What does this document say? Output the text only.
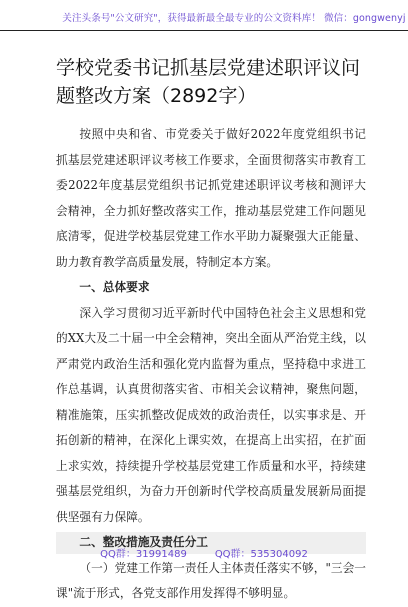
关注头条号"公文研究"，获得最新最全最专业的公文资料库！ 微信：gongwenyj
学校党委书记抓基层党建述职评议问题整改方案（2892字）

按照中央和省、市党委关于做好2022年度党组织书记抓基层党建述职评议考核工作要求，全面贯彻落实市教育工委2022年度基层党组织书记抓党建述职评议考核和测评大会精神，全力抓好整改落实工作，推动基层党建工作问题见底清零，促进学校基层党建工作水平助力凝聚强大正能量、助力教育教学高质量发展，特制定本方案。

一、总体要求

深入学习贯彻习近平新时代中国特色社会主义思想和党的XX大及二十届一中全会精神，突出全面从严治党主线，以严肃党内政治生活和强化党内监督为重点，坚持稳中求进工作总基调，认真贯彻落实省、市相关会议精神，聚焦问题，精准施策，压实抓整改促成效的政治责任，以实事求是、开拓创新的精神，在深化上课实效，在提高上出实招，在扩面上求实效，持续提升学校基层党建工作质量和水平，持续建强基层党组织，为奋力开创新时代学校高质量发展新局面提供坚强有力保障。

二、整改措施及责任分工

（一）党建工作第一责任人主体责任落实不够，"三会一课"流于形式，各党支部作用发挥得不够明显。

QQ群：31991489	QQ群：535304092
